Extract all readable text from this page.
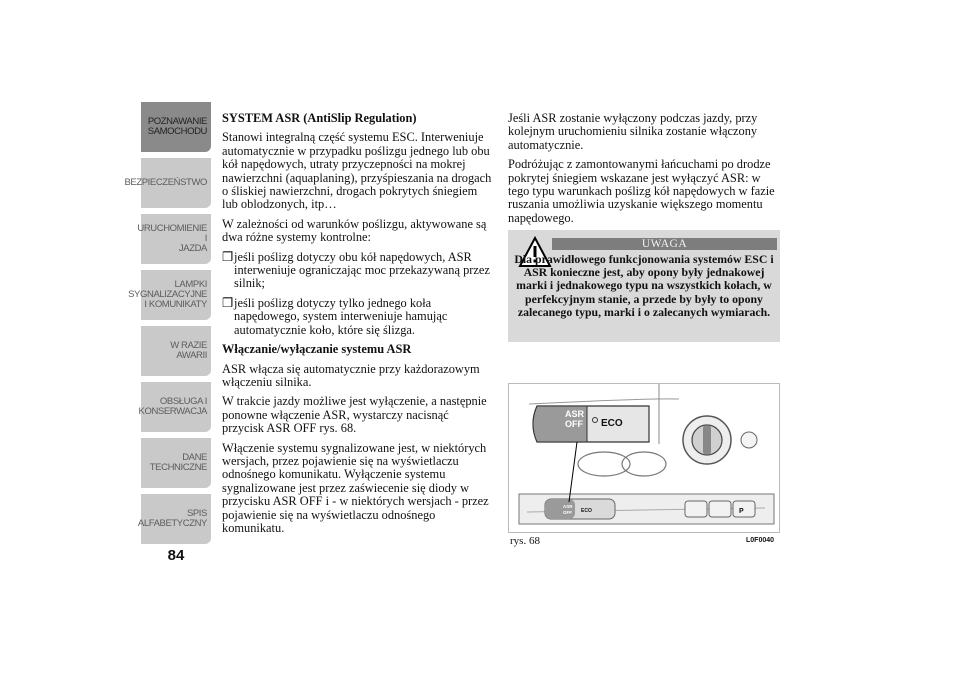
POZNAWANIE
SAMOCHODU
BEZPIECZEŃSTWO
URUCHOMIENIE I
JAZDA
LAMPKI
SYGNALIZACYJNE
I KOMUNIKATY
W RAZIE AWARII
OBSŁUGA I
KONSERWACJA
DANE
TECHNICZNE
SPIS
ALFABETYCZNY
84
SYSTEM ASR (AntiSlip Regulation)

Stanowi integralną część systemu ESC. Interweniuje automatycznie w przypadku poślizgu jednego lub obu kół napędowych, utraty przyczepności na mokrej nawierzchni (aquaplaning), przyśpieszania na drogach o śliskiej nawierzchni, drogach pokrytych śniegiem lub oblodzonych, itp…

W zależności od warunków poślizgu, aktywowane są dwa różne systemy kontrolne:

❒ jeśli poślizg dotyczy obu kół napędowych, ASR interweniuje ograniczając moc przekazywaną przez silnik;
❒ jeśli poślizg dotyczy tylko jednego koła napędowego, system interweniuje hamując automatycznie koło, które się ślizga.
Włączanie/wyłączanie systemu ASR

ASR włącza się automatycznie przy każdorazowym włączeniu silnika.

W trakcie jazdy możliwe jest wyłączenie, a następnie ponowne włączenie ASR, wystarczy nacisnąć przycisk ASR OFF rys. 68.

Włączenie systemu sygnalizowane jest, w niektórych wersjach, przez pojawienie się na wyświetlaczu odnośnego komunikatu. Wyłączenie systemu sygnalizowane jest przez zaświecenie się diody w przycisku ASR OFF i - w niektórych wersjach - przez pojawienie się na wyświetlaczu odnośnego komunikatu.

Jeśli ASR zostanie wyłączony podczas jazdy, przy kolejnym uruchomieniu silnika zostanie włączony automatycznie.

Podróżując z zamontowanymi łańcuchami po drodze pokrytej śniegiem wskazane jest wyłączyć ASR: w tego typu warunkach poślizg kół napędowych w fazie ruszania umożliwia uzyskanie większego momentu napędowego.

UWAGA
Dla prawidłowego funkcjonowania systemów ESC i ASR konieczne jest, aby opony były jednakowej marki i jednakowego typu na wszystkich kołach, w perfekcyjnym stanie, a przede by były to opony zalecanego typu, marki i o zalecanych wymiarach.
ASR
OFF ECO
ASR
OFF ECO	P
rys. 68	L0F0040
